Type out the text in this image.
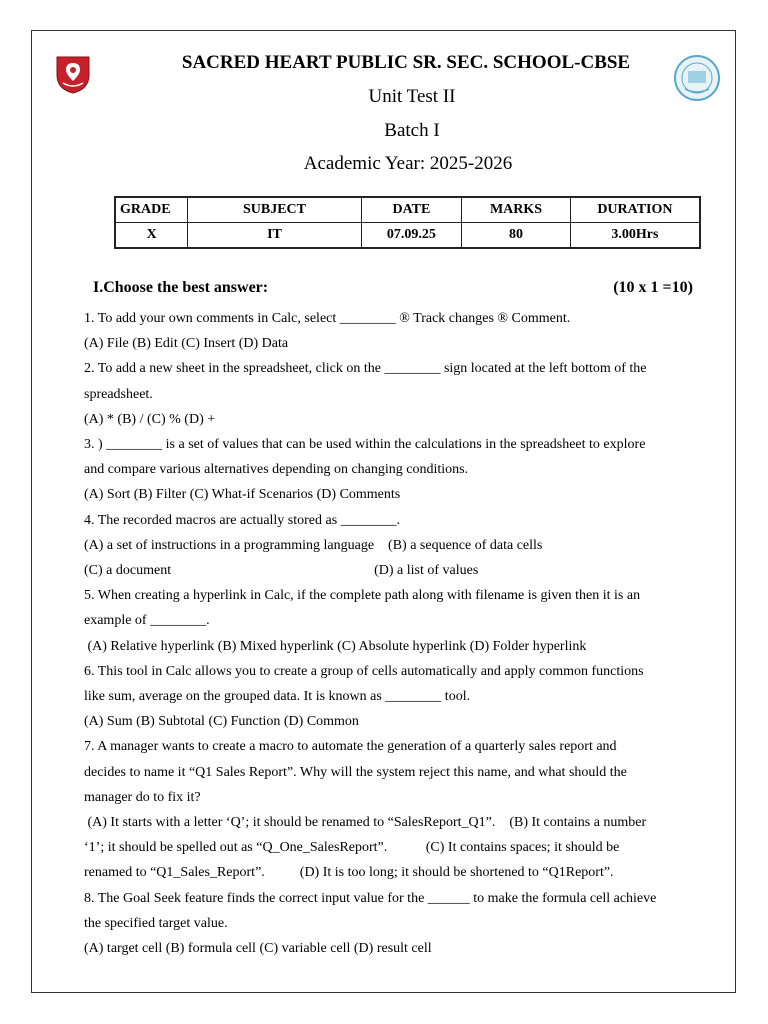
SACRED HEART PUBLIC SR. SEC. SCHOOL-CBSE
Unit Test II
Batch I
Academic Year: 2025-2026
GRADE	SUBJECT	DATE	MARKS	DURATION
X	IT	07.09.25	80	3.00Hrs
I.Choose the best answer:	(10 x 1 =10)
1. To add your own comments in Calc, select ________ ® Track changes ® Comment.
(A) File (B) Edit (C) Insert (D) Data
2. To add a new sheet in the spreadsheet, click on the ________ sign located at the left bottom of the
spreadsheet.
(A) * (B) / (C) % (D) +
3. ) ________ is a set of values that can be used within the calculations in the spreadsheet to explore
and compare various alternatives depending on changing conditions.
(A) Sort (B) Filter (C) What-if Scenarios (D) Comments
4. The recorded macros are actually stored as ________.
(A) a set of instructions in a programming language    (B) a sequence of data cells
(C) a document                                                          (D) a list of values
5. When creating a hyperlink in Calc, if the complete path along with filename is given then it is an
example of ________.
(A) Relative hyperlink (B) Mixed hyperlink (C) Absolute hyperlink (D) Folder hyperlink
6. This tool in Calc allows you to create a group of cells automatically and apply common functions
like sum, average on the grouped data. It is known as ________ tool.
(A) Sum (B) Subtotal (C) Function (D) Common
7. A manager wants to create a macro to automate the generation of a quarterly sales report and
decides to name it “Q1 Sales Report”. Why will the system reject this name, and what should the
manager do to fix it?
(A) It starts with a letter ‘Q’; it should be renamed to “SalesReport_Q1”.    (B) It contains a number
‘1’; it should be spelled out as “Q_One_SalesReport”.           (C) It contains spaces; it should be
renamed to “Q1_Sales_Report”.          (D) It is too long; it should be shortened to “Q1Report”.
8. The Goal Seek feature finds the correct input value for the ______ to make the formula cell achieve
the specified target value.
(A) target cell (B) formula cell (C) variable cell (D) result cell
